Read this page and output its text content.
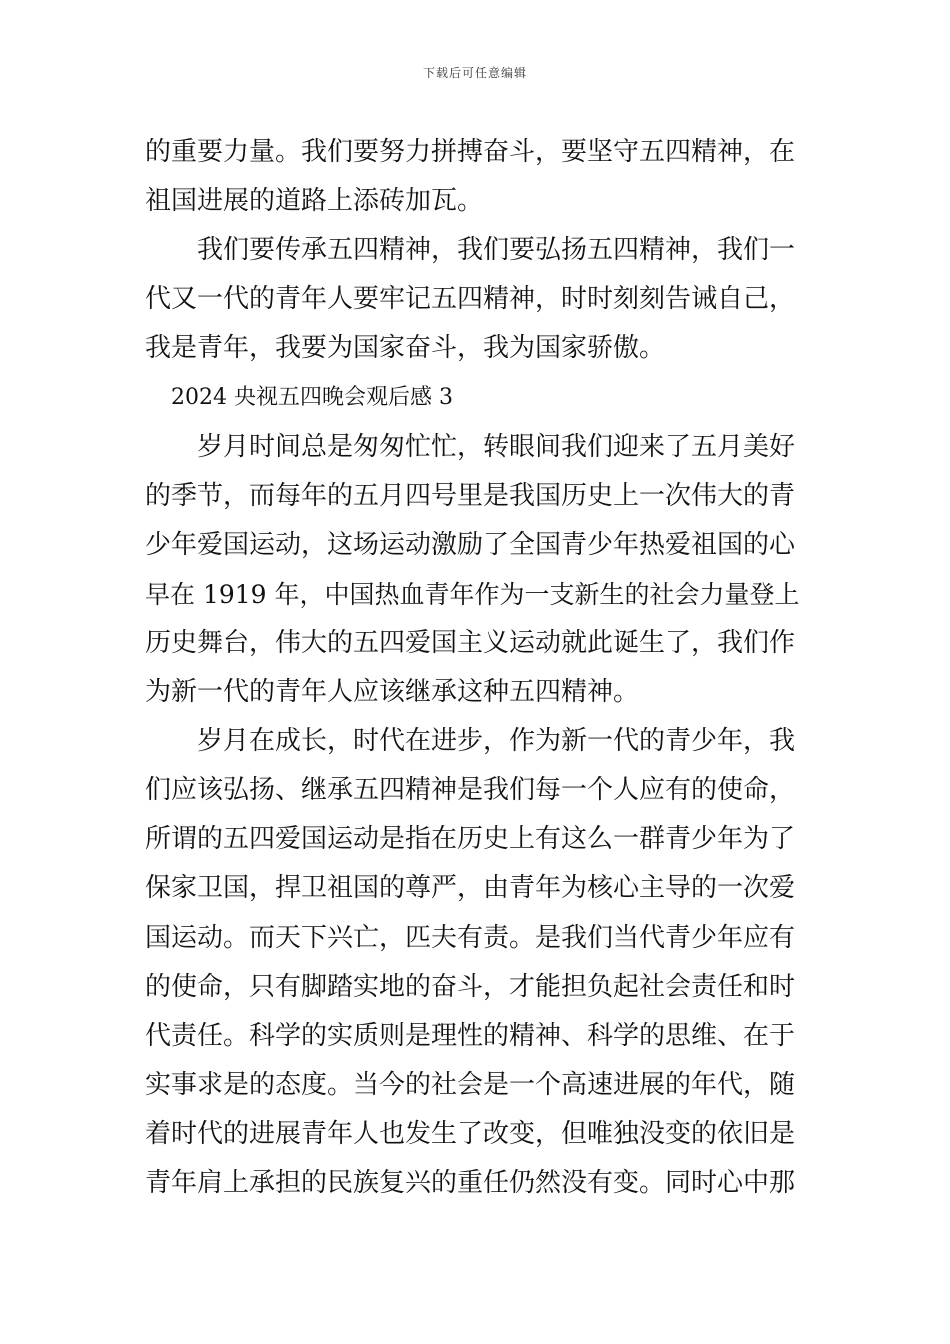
下载后可任意编辑
的重要力量。我们要努力拼搏奋斗，要坚守五四精神，在
祖国进展的道路上添砖加瓦。
我们要传承五四精神，我们要弘扬五四精神，我们一
代又一代的青年人要牢记五四精神，时时刻刻告诫自己，
我是青年，我要为国家奋斗，我为国家骄傲。
2024 央视五四晚会观后感 3
岁月时间总是匆匆忙忙，转眼间我们迎来了五月美好
的季节，而每年的五月四号里是我国历史上一次伟大的青
少年爱国运动，这场运动激励了全国青少年热爱祖国的心
早在 1919 年，中国热血青年作为一支新生的社会力量登上
历史舞台，伟大的五四爱国主义运动就此诞生了，我们作
为新一代的青年人应该继承这种五四精神。
岁月在成长，时代在进步，作为新一代的青少年，我
们应该弘扬、继承五四精神是我们每一个人应有的使命，
所谓的五四爱国运动是指在历史上有这么一群青少年为了
保家卫国，捍卫祖国的尊严，由青年为核心主导的一次爱
国运动。而天下兴亡，匹夫有责。是我们当代青少年应有
的使命，只有脚踏实地的奋斗，才能担负起社会责任和时
代责任。科学的实质则是理性的精神、科学的思维、在于
实事求是的态度。当今的社会是一个高速进展的年代，随
着时代的进展青年人也发生了改变，但唯独没变的依旧是
青年肩上承担的民族复兴的重任仍然没有变。同时心中那
